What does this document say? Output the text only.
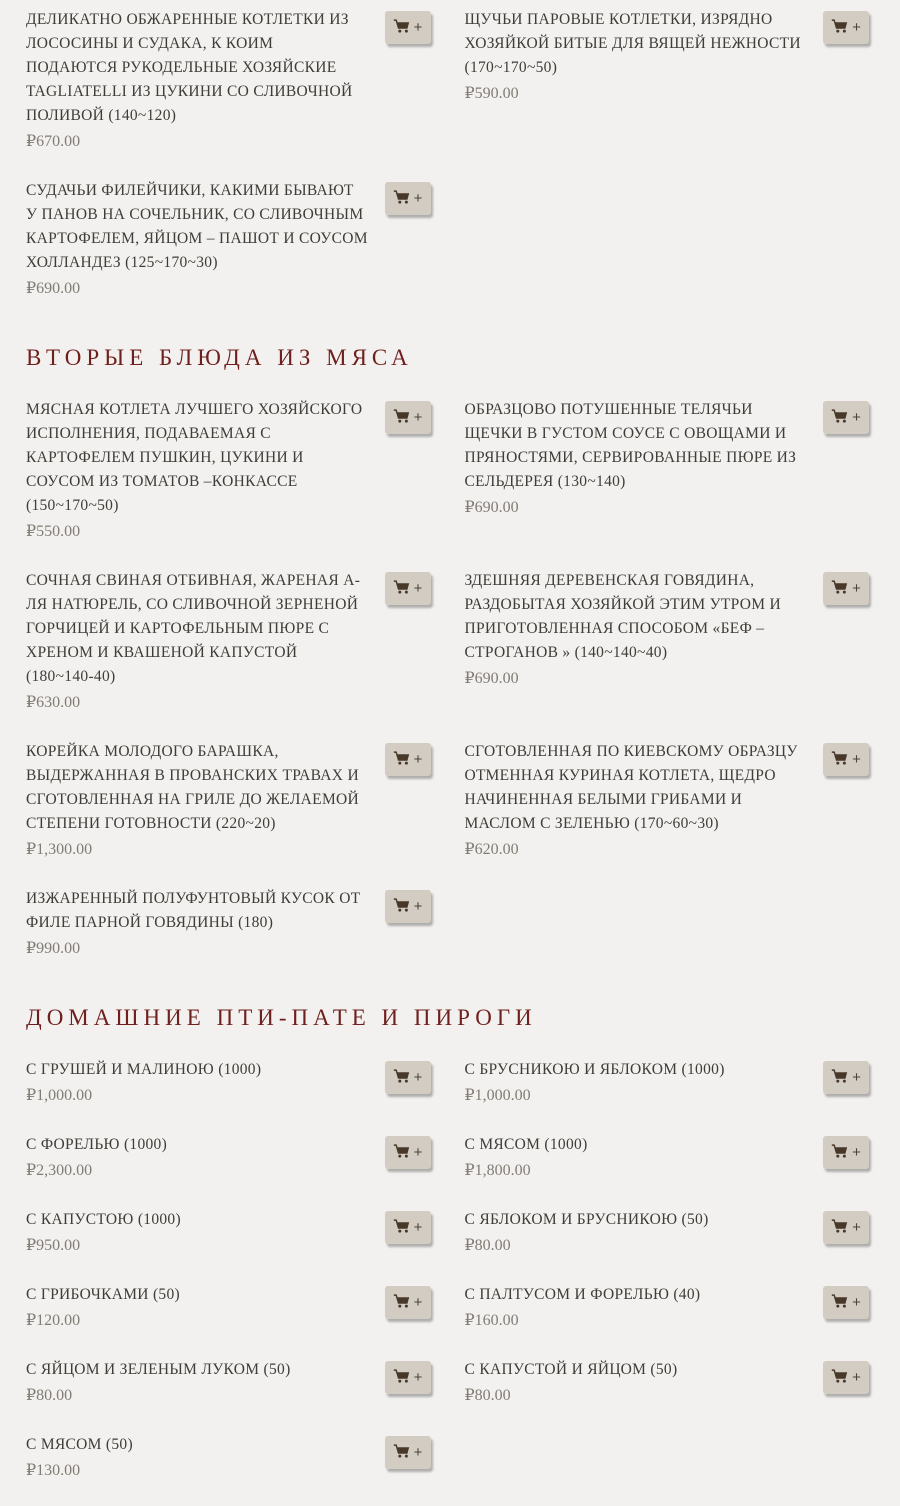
ДЕЛИКАТНО ОБЖАРЕННЫЕ КОТЛЕТКИ ИЗ ЛОСОСИНЫ И СУДАКА, К КОИМ ПОДАЮТСЯ РУКОДЕЛЬНЫЕ ХОЗЯЙСКИЕ TAGLIATELLI ИЗ ЦУКИНИ СО СЛИВОЧНОЙ ПОЛИВОЙ (140~120)
₽670.00
+	ЩУЧЬИ ПАРОВЫЕ КОТЛЕТКИ, ИЗРЯДНО ХОЗЯЙКОЙ БИТЫЕ ДЛЯ ВЯЩЕЙ НЕЖНОСТИ (170~170~50)
₽590.00
+
СУДАЧЬИ ФИЛЕЙЧИКИ, КАКИМИ БЫВАЮТ У ПАНОВ НА СОЧЕЛЬНИК, СО СЛИВОЧНЫМ КАРТОФЕЛЕМ, ЯЙЦОМ – ПАШОТ И СОУСОМ ХОЛЛАНДЕЗ (125~170~30)
₽690.00
+
ВТОРЫЕ БЛЮДА ИЗ МЯСА
МЯСНАЯ КОТЛЕТА ЛУЧШЕГО ХОЗЯЙСКОГО ИСПОЛНЕНИЯ, ПОДАВАЕМАЯ С КАРТОФЕЛЕМ ПУШКИН, ЦУКИНИ И СОУСОМ ИЗ ТОМАТОВ –КОНКАССЕ (150~170~50)
₽550.00
+	ОБРАЗЦОВО ПОТУШЕННЫЕ ТЕЛЯЧЬИ ЩЕЧКИ В ГУСТОМ СОУСЕ С ОВОЩАМИ И ПРЯНОСТЯМИ, СЕРВИРОВАННЫЕ ПЮРЕ ИЗ СЕЛЬДЕРЕЯ (130~140)
₽690.00
+
СОЧНАЯ СВИНАЯ ОТБИВНАЯ, ЖАРЕНАЯ А-ЛЯ НАТЮРЕЛЬ, СО СЛИВОЧНОЙ ЗЕРНЕНОЙ ГОРЧИЦЕЙ И КАРТОФЕЛЬНЫМ ПЮРЕ С ХРЕНОМ И КВАШЕНОЙ КАПУСТОЙ (180~140-40)
₽630.00
+	ЗДЕШНЯЯ ДЕРЕВЕНСКАЯ ГОВЯДИНА, РАЗДОБЫТАЯ ХОЗЯЙКОЙ ЭТИМ УТРОМ И ПРИГОТОВЛЕННАЯ СПОСОБОМ «БЕФ –СТРОГАНОВ » (140~140~40)
₽690.00
+
КОРЕЙКА МОЛОДОГО БАРАШКА, ВЫДЕРЖАННАЯ В ПРОВАНСКИХ ТРАВАХ И СГОТОВЛЕННАЯ НА ГРИЛЕ ДО ЖЕЛАЕМОЙ СТЕПЕНИ ГОТОВНОСТИ (220~20)
₽1,300.00
+	СГОТОВЛЕННАЯ ПО КИЕВСКОМУ ОБРАЗЦУ ОТМЕННАЯ КУРИНАЯ КОТЛЕТА, ЩЕДРО НАЧИНЕННАЯ БЕЛЫМИ ГРИБАМИ И МАСЛОМ С ЗЕЛЕНЬЮ (170~60~30)
₽620.00
+
ИЗЖАРЕННЫЙ ПОЛУФУНТОВЫЙ КУСОК ОТ ФИЛЕ ПАРНОЙ ГОВЯДИНЫ (180)
₽990.00
+
ДОМАШНИЕ ПТИ-ПАТЕ И ПИРОГИ
С ГРУШЕЙ И МАЛИНОЮ (1000)
₽1,000.00
+	С БРУСНИКОЮ И ЯБЛОКОМ (1000)
₽1,000.00
+
С ФОРЕЛЬЮ (1000)
₽2,300.00
+	С МЯСОМ (1000)
₽1,800.00
+
С КАПУСТОЮ (1000)
₽950.00
+	С ЯБЛОКОМ И БРУСНИКОЮ (50)
₽80.00
+
С ГРИБОЧКАМИ (50)
₽120.00
+	С ПАЛТУСОМ И ФОРЕЛЬЮ (40)
₽160.00
+
С ЯЙЦОМ И ЗЕЛЕНЫМ ЛУКОМ (50)
₽80.00
+	С КАПУСТОЙ И ЯЙЦОМ (50)
₽80.00
+
С МЯСОМ (50)
₽130.00
+
